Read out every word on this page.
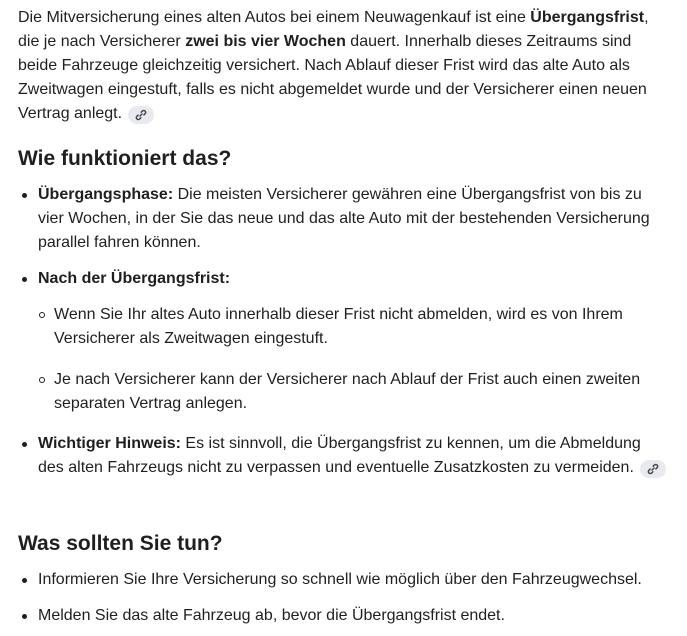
Die Mitversicherung eines alten Autos bei einem Neuwagenkauf ist eine Übergangsfrist, die je nach Versicherer zwei bis vier Wochen dauert. Innerhalb dieses Zeitraums sind beide Fahrzeuge gleichzeitig versichert. Nach Ablauf dieser Frist wird das alte Auto als Zweitwagen eingestuft, falls es nicht abgemeldet wurde und der Versicherer einen neuen Vertrag anlegt.

Wie funktioniert das?
Übergangsphase: Die meisten Versicherer gewähren eine Übergangsfrist von bis zu vier Wochen, in der Sie das neue und das alte Auto mit der bestehenden Versicherung parallel fahren können.
Nach der Übergangsfrist:
Wenn Sie Ihr altes Auto innerhalb dieser Frist nicht abmelden, wird es von Ihrem Versicherer als Zweitwagen eingestuft.
Je nach Versicherer kann der Versicherer nach Ablauf der Frist auch einen zweiten separaten Vertrag anlegen.
Wichtiger Hinweis: Es ist sinnvoll, die Übergangsfrist zu kennen, um die Abmeldung des alten Fahrzeugs nicht zu verpassen und eventuelle Zusatzkosten zu vermeiden.
Was sollten Sie tun?
Informieren Sie Ihre Versicherung so schnell wie möglich über den Fahrzeugwechsel.
Melden Sie das alte Fahrzeug ab, bevor die Übergangsfrist endet.
